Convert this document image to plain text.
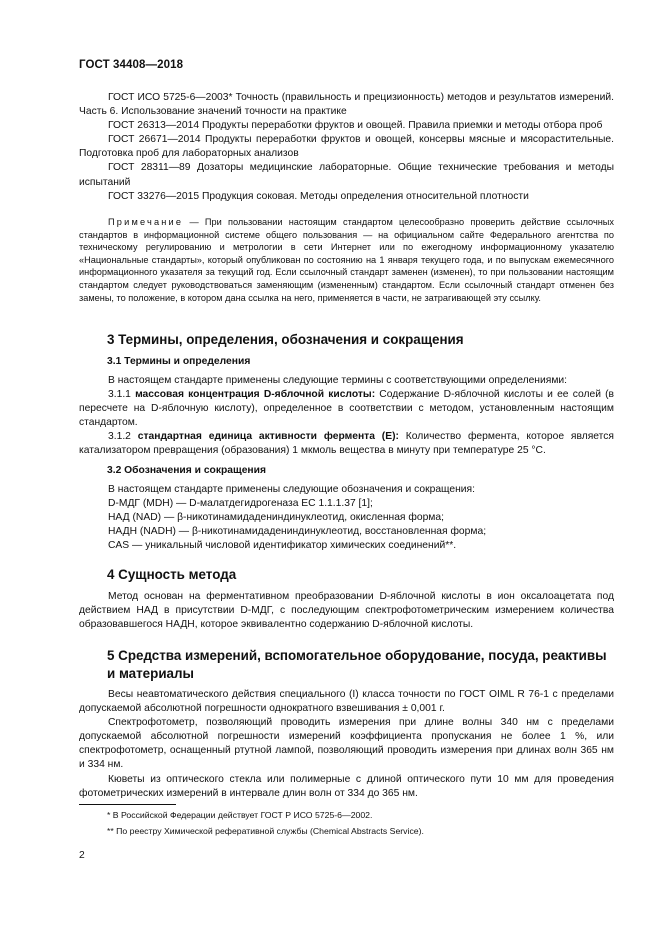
ГОСТ 34408—2018

ГОСТ ИСО 5725-6—2003* Точность (правильность и прецизионность) методов и результатов измерений. Часть 6. Использование значений точности на практике

ГОСТ 26313—2014 Продукты переработки фруктов и овощей. Правила приемки и методы отбора проб

ГОСТ 26671—2014 Продукты переработки фруктов и овощей, консервы мясные и мясорастительные. Подготовка проб для лабораторных анализов

ГОСТ 28311—89 Дозаторы медицинские лабораторные. Общие технические требования и методы испытаний

ГОСТ 33276—2015 Продукция соковая. Методы определения относительной плотности

Примечание — При пользовании настоящим стандартом целесообразно проверить действие ссылочных стандартов в информационной системе общего пользования — на официальном сайте Федерального агентства по техническому регулированию и метрологии в сети Интернет или по ежегодному информационному указателю «Национальные стандарты», который опубликован по состоянию на 1 января текущего года, и по выпускам ежемесячного информационного указателя за текущий год. Если ссылочный стандарт заменен (изменен), то при пользовании настоящим стандартом следует руководствоваться заменяющим (измененным) стандартом. Если ссылочный стандарт отменен без замены, то положение, в котором дана ссылка на него, применяется в части, не затрагивающей эту ссылку.

3 Термины, определения, обозначения и сокращения
3.1 Термины и определения

В настоящем стандарте применены следующие термины с соответствующими определениями:

3.1.1 массовая концентрация D-яблочной кислоты: Содержание D-яблочной кислоты и ее солей (в пересчете на D-яблочную кислоту), определенное в соответствии с методом, установленным настоящим стандартом.

3.1.2 стандартная единица активности фермента (E): Количество фермента, которое является катализатором превращения (образования) 1 мкмоль вещества в минуту при температуре 25 °C.

3.2 Обозначения и сокращения

В настоящем стандарте применены следующие обозначения и сокращения:

D-МДГ (MDH) — D-малатдегидрогеназа ЕС 1.1.1.37 [1];

НАД (NAD) — β-никотинамидадениндинуклеотид, окисленная форма;

НАДН (NADH) — β-никотинамидадениндинуклеотид, восстановленная форма;

CAS — уникальный числовой идентификатор химических соединений**.

4 Сущность метода

Метод основан на ферментативном преобразовании D-яблочной кислоты в ион оксалоацетата под действием НАД в присутствии D-МДГ, с последующим спектрофотометрическим измерением количества образовавшегося НАДН, которое эквивалентно содержанию D-яблочной кислоты.

5 Средства измерений, вспомогательное оборудование, посуда, реактивы и материалы

Весы неавтоматического действия специального (I) класса точности по ГОСТ OIML R 76-1 с пределами допускаемой абсолютной погрешности однократного взвешивания ± 0,001 г.

Спектрофотометр, позволяющий проводить измерения при длине волны 340 нм с пределами допускаемой абсолютной погрешности измерений коэффициента пропускания не более 1 %, или спектрофотометр, оснащенный ртутной лампой, позволяющий проводить измерения при длинах волн 365 нм и 334 нм.

Кюветы из оптического стекла или полимерные с длиной оптического пути 10 мм для проведения фотометрических измерений в интервале длин волн от 334 до 365 нм.

* В Российской Федерации действует ГОСТ Р ИСО 5725-6—2002.
** По реестру Химической реферативной службы (Chemical Abstracts Service).
2
